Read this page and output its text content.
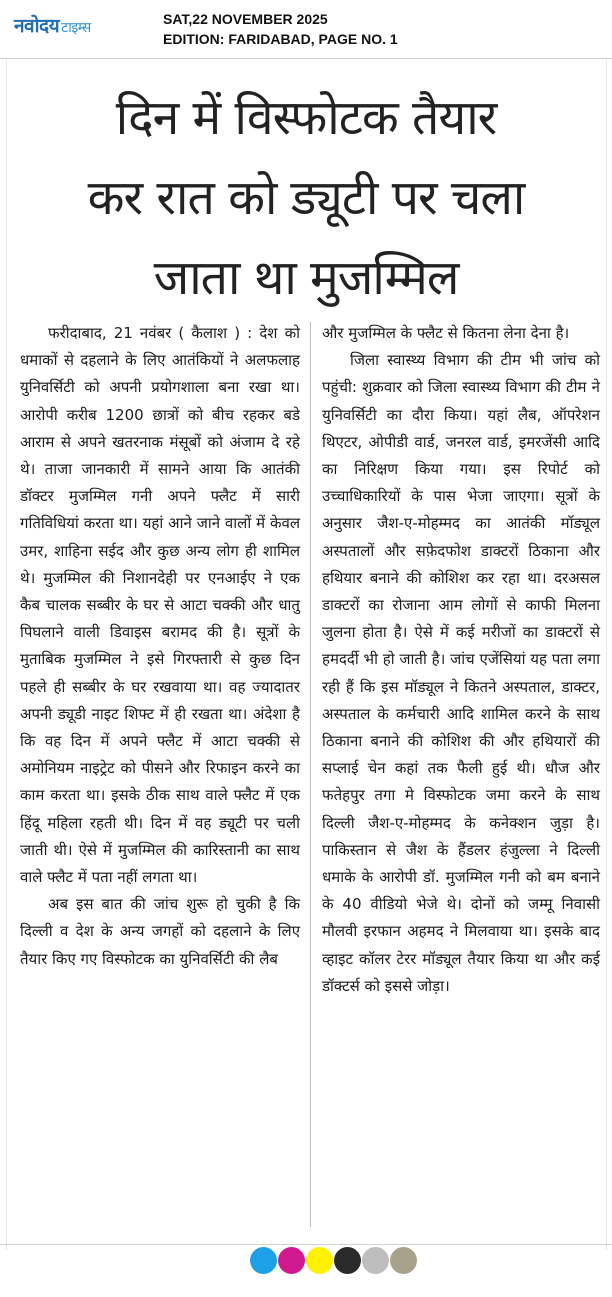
नवोदय टाइम्स
SAT,22 NOVEMBER 2025
EDITION: FARIDABAD, PAGE NO. 1
दिन में विस्फोटक तैयार
कर रात को ड्यूटी पर चला
जाता था मुजम्मिल

फरीदाबाद, 21 नवंबर ( कैलाश ) : देश को धमाकों से दहलाने के लिए आतंकियों ने अलफलाह युनिवर्सिटी को अपनी प्रयोगशाला बना रखा था। आरोपी करीब 1200 छात्रों को बीच रहकर बडे आराम से अपने खतरनाक मंसूबों को अंजाम दे रहे थे। ताजा जानकारी में सामने आया कि आतंकी डॉक्टर मुजम्मिल गनी अपने फ्लैट में सारी गतिविधियां करता था। यहां आने जाने वालों में केवल उमर, शाहिना सईद और कुछ अन्य लोग ही शामिल थे। मुजम्मिल की निशानदेही पर एनआईए ने एक कैब चालक सब्बीर के घर से आटा चक्की और धातु पिघलाने वाली डिवाइस बरामद की है। सूत्रों के मुताबिक मुजम्मिल ने इसे गिरफ्तारी से कुछ दिन पहले ही सब्बीर के घर रखवाया था। वह ज्यादातर अपनी ड्यूडी नाइट शिफ्ट में ही रखता था। अंदेशा है कि वह दिन में अपने फ्लैट में आटा चक्की से अमोनियम नाइट्रेट को पीसने और रिफाइन करने का काम करता था। इसके ठीक साथ वाले फ्लैट में एक हिंदू महिला रहती थी। दिन में वह ड्यूटी पर चली जाती थी। ऐसे में मुजम्मिल की कारिस्तानी का साथ वाले फ्लैट में पता नहीं लगता था।

अब इस बात की जांच शुरू हो चुकी है कि दिल्ली व देश के अन्य जगहों को दहलाने के लिए तैयार किए गए विस्फोटक का युनिवर्सिटी की लैब

और मुजम्मिल के फ्लैट से कितना लेना देना है।

जिला स्वास्थ्य विभाग की टीम भी जांच को पहुंची: शुक्रवार को जिला स्वास्थ्य विभाग की टीम ने युनिवर्सिटी का दौरा किया। यहां लैब, ऑपरेशन थिएटर, ओपीडी वार्ड, जनरल वार्ड, इमरजेंसी आदि का निरिक्षण किया गया। इस रिपोर्ट को उच्चाधिकारियों के पास भेजा जाएगा। सूत्रों के अनुसार जैश-ए-मोहम्मद का आतंकी मॉड्यूल अस्पतालों और सफ़ेदफोश डाक्टरों ठिकाना और हथियार बनाने की कोशिश कर रहा था। दरअसल डाक्टरों का रोजाना आम लोगों से काफी मिलना जुलना होता है। ऐसे में कई मरीजों का डाक्टरों से हमदर्दी भी हो जाती है। जांच एजेंसियां यह पता लगा रही हैं कि इस मॉड्यूल ने कितने अस्पताल, डाक्टर, अस्पताल के कर्मचारी आदि शामिल करने के साथ ठिकाना बनाने की कोशिश की और हथियारों की सप्लाई चेन कहां तक फैली हुई थी। धौज और फतेहपुर तगा मे विस्फोटक जमा करने के साथ दिल्ली जैश-ए-मोहम्मद के कनेक्शन जुड़ा है। पाकिस्तान से जैश के हैंडलर हंजुल्ला ने दिल्ली धमाके के आरोपी डॉ. मुजम्मिल गनी को बम बनाने के 40 वीडियो भेजे थे। दोनों को जम्मू निवासी मौलवी इरफान अहमद ने मिलवाया था। इसके बाद व्हाइट कॉलर टेरर मॉड्यूल तैयार किया था और कई डॉक्टर्स को इससे जोड़ा।
